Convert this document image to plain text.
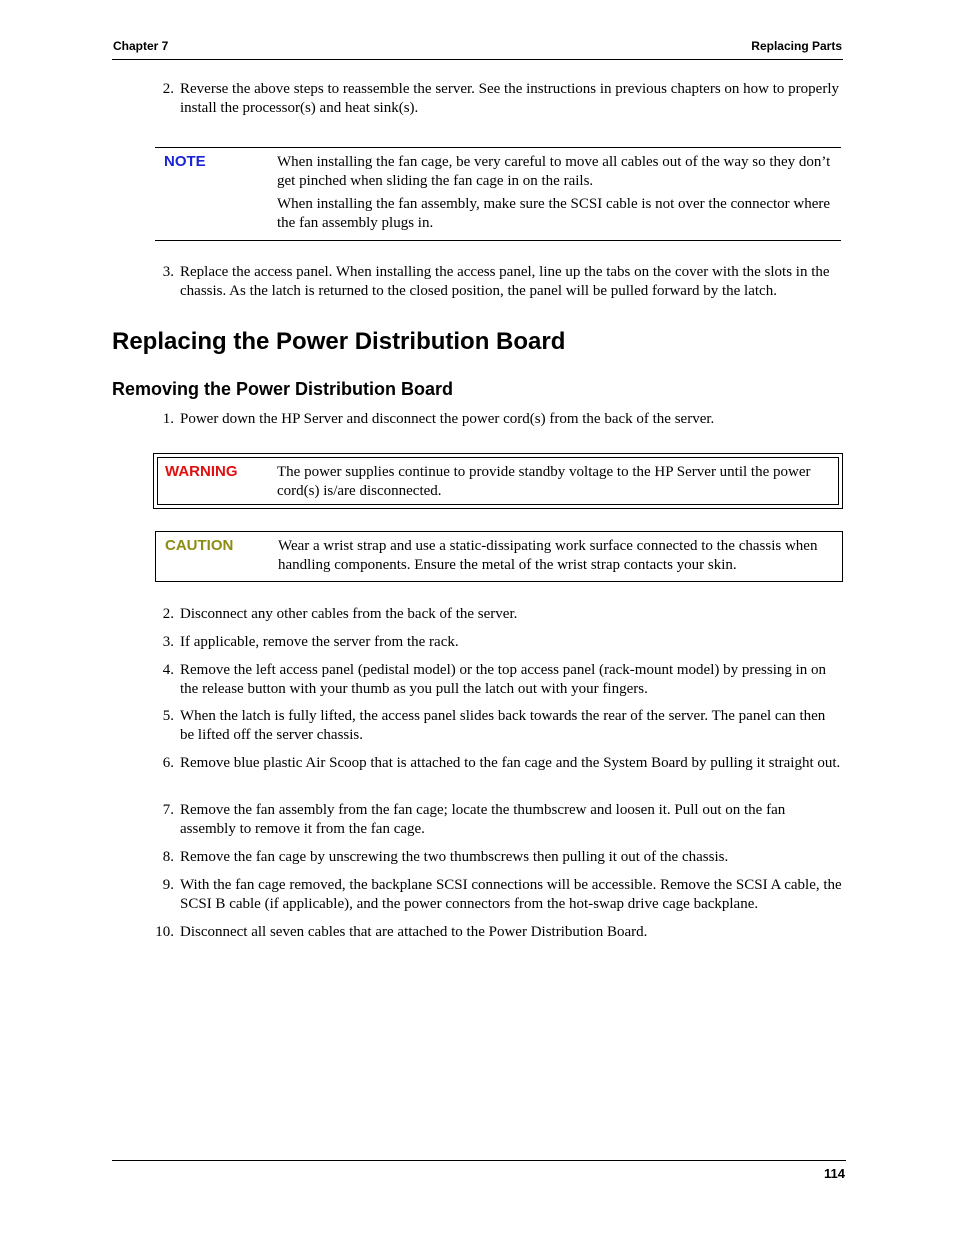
Chapter 7	Replacing Parts
2. Reverse the above steps to reassemble the server. See the instructions in previous chapters on how to properly install the processor(s) and heat sink(s).
NOTE	When installing the fan cage, be very careful to move all cables out of the way so they don’t get pinched when sliding the fan cage in on the rails.
When installing the fan assembly, make sure the SCSI cable is not over the connector where the fan assembly plugs in.
3. Replace the access panel. When installing the access panel, line up the tabs on the cover with the slots in the chassis. As the latch is returned to the closed position, the panel will be pulled forward by the latch.
Replacing the Power Distribution Board
Removing the Power Distribution Board
1. Power down the HP Server and disconnect the power cord(s) from the back of the server.
WARNING	The power supplies continue to provide standby voltage to the HP Server until the power cord(s) is/are disconnected.
CAUTION	Wear a wrist strap and use a static-dissipating work surface connected to the chassis when handling components. Ensure the metal of the wrist strap contacts your skin.
2. Disconnect any other cables from the back of the server.
3. If applicable, remove the server from the rack.
4. Remove the left access panel (pedistal model) or the top access panel (rack-mount model) by pressing in on the release button with your thumb as you pull the latch out with your fingers.
5. When the latch is fully lifted, the access panel slides back towards the rear of the server. The panel can then be lifted off the server chassis.
6. Remove blue plastic Air Scoop that is attached to the fan cage and the System Board by pulling it straight out.
7. Remove the fan assembly from the fan cage; locate the thumbscrew and loosen it. Pull out on the fan assembly to remove it from the fan cage.
8. Remove the fan cage by unscrewing the two thumbscrews then pulling it out of the chassis.
9. With the fan cage removed, the backplane SCSI connections will be accessible. Remove the SCSI A cable, the SCSI B cable (if applicable), and the power connectors from the hot-swap drive cage backplane.
10. Disconnect all seven cables that are attached to the Power Distribution Board.
114
